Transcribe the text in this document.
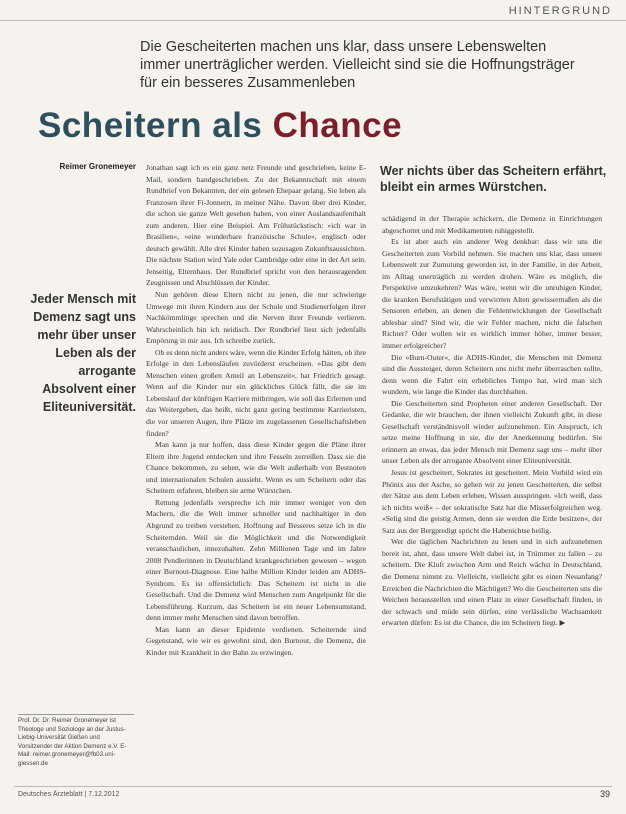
HINTERGRUND
Die Gescheiterten machen uns klar, dass unsere Lebenswelten immer unerträglicher werden. Vielleicht sind sie die Hoffnungsträger für ein besseres Zusammenleben
Scheitern als Chance
Reimer Gronemeyer
Jeder Mensch mit Demenz sagt uns mehr über unser Leben als der arrogante Absolvent einer Eliteuniversität.
Wer nichts über das Scheitern erfährt, bleibt ein armes Würstchen.

Jonathan sagt ich es ein ganz netz Freunde und geschrieben, keine E-Mail, sondern handgeschrieben. Zu der Bekanntschaft mit einem Rundbrief von Bekannten, der ein gelesen Ehepaar gelang. Sie leben als Franzosen ihrer Fi-Jonnern, in meiner Nähe. Davon über drei Kinder, die schon sie ganze Welt gesehen haben, von einer Auslandsaufenthalt zum anderen. Hier eine Beispiel. Am Frühstückstisch: »ich war in Brasilien«, »eine wunderbare französische Schule«, englisch oder deutsch gewählt. Alle drei Kinder haben sozusagen Zukunftsaussichten. Die nächste Station wird Yale oder Cambridge oder eine in der Art sein. Jenseitig, Elternhaus. Der Rundbrief spricht von den herausragenden Zeugnissen und Abschlüssen der Kinder.

Nun gehören diese Eltern nicht zu jenen, die nur schwierige Umwege mit ihren Kindern aus der Schule und Studienerfolgen ihrer Nachkömmlinge sprechen und die Nerven ihrer Freunde verlieren. Wahrscheinlich bin ich neidisch. Der Rundbrief liest sich jedenfalls Empörung in mir aus. Ich schreibe zurück.

Ob es denn nicht anders wäre, wenn die Kinder Erfolg hätten, ob ihre Erfolge in den Lebensläufen zuvörderst erscheinen. »Das gibt dem Menschen einen großen Anteil an Lebenszeit«, hat Friedrich gesagt. Wenn auf die Kinder nur ein glückliches Glück fällt, die sie im Lebenslauf der künftigen Karriere mitbringen, wie soll das Erlernen und das Weitergeben, das heißt, nicht ganz gering bestimmte Karrieristen, die vor unseren Augen, ihre Plätze im zugelassenen Gesellschaftsleben finden?

Man kann ja nur hoffen, dass diese Kinder gegen die Pläne ihrer Eltern ihre Jugend entdecken und ihre Fesseln zerreißen. Dass sie die Chance bekommen, zu sehen, wie die Welt außerhalb von Bestnoten und internationalen Schulen aussieht. Wenn es um Scheitern oder das Scheitern erfahren, bleiben sie arme Würstchen.

Rettung jedenfalls verspreche ich mir immer weniger von den Machern, die die Welt immer schneller und nachhaltiger in den Abgrund zu treiben verstehen. Hoffnung auf Besseres setze ich in die Scheiternden. Weil sie die Möglichkeit und die Notwendigkeit veranschaulichen, innezuhalten. Zehn Millionen Tage und im Jahre 2008 Pendlerinnen in Deutschland krankgeschrieben gewesen – wegen einer Burnout-Diagnose. Eine halbe Million Kinder leiden am ADHS-Syndrom. Es ist offensichtlich: Das Scheitern ist nicht in die Gesellschaft. Und die Demenz wird Menschen zum Angelpunkt für die Lebensführung. Kurzum, das Scheitern ist ein neuer Lebensumstand, denn immer mehr Menschen sind davon betroffen.

Man kann an dieser Epidemie verdienen. Scheiternde sind Gegenstand, wie wir es gewohnt sind, den Burnout, die Demenz, die Kinder mit Krankheit in der Bahn zu erzwingen.

schädigend in der Therapie schickern, die Demenz in Einrichtungen abgeschottet und mit Medikamenten ruhiggestellt.

Es ist aber auch ein anderer Weg denkbar: dass wir uns die Gescheiterten zum Vorbild nehmen. Sie machen uns klar, dass unsere Lebenswelt zur Zumutung geworden ist, in der Familie, in der Arbeit, im Alltag unerträglich zu werden drohen. Wäre es möglich, die Perspektive umzukehren? Was wäre, wenn wir die unruhigen Kinder, die kranken Berufstätigen und verwirrten Alten gewissermaßen als die Sensoren erleben, an denen die Fehlentwicklungen der Gesellschaft ablesbar sind? Sind wir, die wir Fehler machen, nicht die falschen Richter? Oder wollen wir es wirklich immer höher, immer besser, immer erfolgreicher?

Die »Burn-Outer«, die ADHS-Kinder, die Menschen mit Demenz sind die Aussteiger, deren Scheitern uns nicht mehr überraschen sollte, denn wenn die Fahrt ein erhebliches Tempo hat, wird man sich wundern, wie lange die Kinder das durchhalten.

Die Gescheiterten sind Propheten einer anderen Gesellschaft. Der Gedanke, die wir brauchen, der ihnen vielleicht Zukunft gibt, in diese Gesellschaft verständnisvoll wieder aufzunehmen. Ein Anspruch, ich setze meine Hoffnung in sie, die der Anerkennung bedürfen. Sie erinnern an etwas, das jeder Mensch mit Demenz sagt uns – mehr über unser Leben als der arrogante Absolvent einer Eliteuniversität.

Jesus ist gescheitert, Sokrates ist gescheitert. Mein Vorbild wird ein Phönix aus der Asche, so gehen wir zu jenen Gescheiterten, die selbst der Sätze aus dem Leben erleben, Wissen ausspringen. »Ich weiß, dass ich nichts weiß« – der sokratische Satz hat die Misserfolgreichen weg. »Selig sind die geistig Armen, denn sie werden die Erde besitzen«, der Satz aus der Bergpredigt spricht die Habenichtse heilig.

Wer die täglichen Nachrichten zu lesen und in sich aufzunehmen bereit ist, ahnt, dass unsere Welt dabei ist, in Trümmer zu fallen – zu scheitern. Die Kluft zwischen Arm und Reich wächst in Deutschland, die Demenz nimmt zu. Vielleicht, vielleicht gibt es einen Neuanfang? Erreichen die Nachrichten die Mächtigen? Wo die Gescheiterten uns die Weichen herausstellen und einen Platz in einer Gesellschaft finden, in der schwach und müde sein dürfen, eine verlässliche Wachsamkeit erwarten dürfen: Es ist die Chance, die im Scheitern liegt. ▶

Prof. Dr. Dr. Reimer Gronemeyer ist Theologe und Soziologe an der Justus-Liebig-Universität Gießen und Vorsitzender der Aktion Demenz e.V. E-Mail: reimer.gronemeyer@fb03.uni-giessen.de
Deutsches Ärzteblatt | 7.12.2012	39
